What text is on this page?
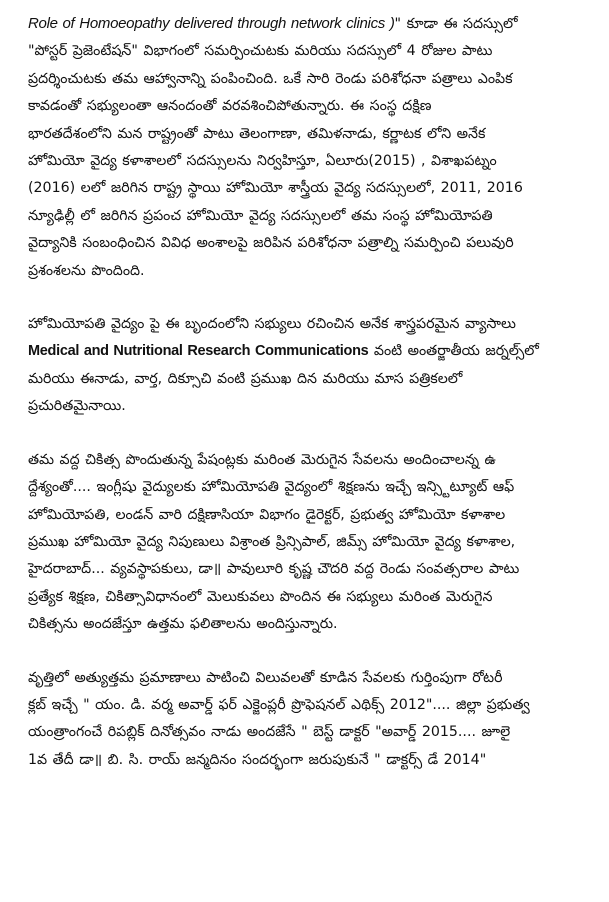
Role of Homoeopathy delivered through network clinics )" కూడా ఈ సదస్సులో
"పోస్టర్ ప్రెజెంటేషన్" విభాగంలో సమర్పించుటకు మరియు సదస్సులో 4 రోజుల పాటు
ప్రదర్శించుటకు తమ ఆహ్వానాన్ని పంపించింది. ఒకే సారి రెండు పరిశోధనా పత్రాలు ఎంపిక
కావడంతో సభ్యులంతా ఆనందంతో వరవశించిపోతున్నారు. ఈ సంస్థ దక్షిణ
భారతదేశంలోని మన రాష్ట్రంతో పాటు తెలంగాణా, తమిళనాడు, కర్ణాటక లోని అనేక
హోమియో వైద్య కళాశాలలో సదస్సులను నిర్వహిస్తూ, ఏలూరు(2015) , విశాఖపట్నం
(2016) లలో జరిగిన రాష్ట్ర స్థాయి హోమియో శాస్త్రీయ వైద్య సదస్సులలో, 2011, 2016
న్యూఢిల్లీ లో జరిగిన ప్రపంచ హోమియో వైద్య సదస్సులలో తమ సంస్థ హోమియోపతి
వైద్యానికి సంబంధించిన వివిధ అంశాలపై జరిపిన పరిశోధనా పత్రాల్ని సమర్పించి పలువురి
ప్రశంశలను పొందింది.

హోమియోపతి వైద్యం పై ఈ బృందంలోని సభ్యులు రచించిన అనేక శాస్త్రపరమైన వ్యాసాలు
Medical and Nutritional Research Communications వంటి అంతర్జాతీయ జర్నల్స్‌లో
మరియు ఈనాడు, వార్త, దిక్సూచి వంటి ప్రముఖ దిన మరియు మాస పత్రికలలో
ప్రచురితమైనాయి.

తమ వద్ద చికిత్స పొందుతున్న పేషంట్లకు మరింత మెరుగైన సేవలను అందించాలన్న ఉ
ద్దేశ్యంతో.... ఇంగ్లీషు వైద్యులకు హోమియోపతి వైద్యంలో శిక్షణను ఇచ్చే ఇన్స్టిట్యూట్ ఆఫ్
హోమియోపతి, లండన్ వారి దక్షిణాసియా విభాగం డైరెక్టర్, ప్రభుత్వ హోమియో కళాశాల
ప్రముఖ హోమియో వైద్య నిపుణులు విశ్రాంత ప్రిన్సిపాల్, జిమ్స్ హోమియో వైద్య కళాశాల,
హైదరాబాద్... వ్యవస్థాపకులు, డా॥ పావులూరి కృష్ణ చౌదరి వద్ద రెండు సంవత్సరాల పాటు
ప్రత్యేక శిక్షణ, చికిత్సావిధానంలో మెలుకువలు పొందిన ఈ సభ్యులు మరింత మెరుగైన
చికిత్సను అందజేస్తూ ఉత్తమ ఫలితాలను అందిస్తున్నారు.

వృత్తిలో అత్యుత్తమ ప్రమాణాలు పాటించి విలువలతో కూడిన సేవలకు గుర్తింపుగా రోటరీ
క్లబ్ ఇచ్చే " యం. డి. వర్మ అవార్డ్ ఫర్ ఎక్జెంప్లరీ ప్రొఫెషనల్ ఎథిక్స్ 2012".... జిల్లా ప్రభుత్వ
యంత్రాంగంచే రిపబ్లిక్ దినోత్సవం నాడు అందజేసే " బెస్ట్ డాక్టర్ "అవార్డ్ 2015.... జూలై
1వ తేదీ డా॥ బి. సి. రాయ్ జన్మదినం సందర్భంగా జరుపుకునే " డాక్టర్స్ డే 2014"
